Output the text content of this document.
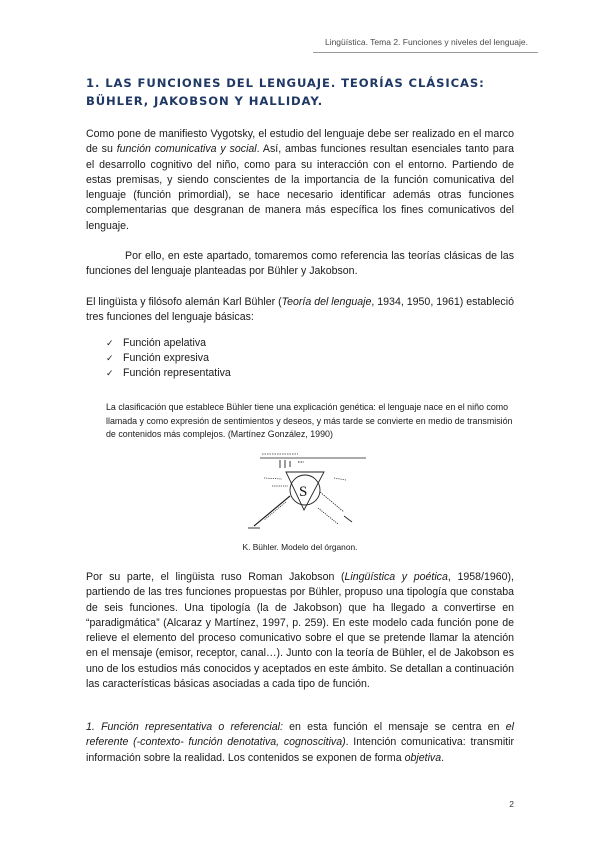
Lingüística. Tema 2. Funciones y niveles del lenguaje.
1. LAS FUNCIONES DEL LENGUAJE. TEORÍAS CLÁSICAS: BÜHLER, JAKOBSON Y HALLIDAY.

Como pone de manifiesto Vygotsky, el estudio del lenguaje debe ser realizado en el marco de su función comunicativa y social. Así, ambas funciones resultan esenciales tanto para el desarrollo cognitivo del niño, como para su interacción con el entorno. Partiendo de estas premisas, y siendo conscientes de la importancia de la función comunicativa del lenguaje (función primordial), se hace necesario identificar además otras funciones complementarias que desgranan de manera más específica los fines comunicativos del lenguaje.

Por ello, en este apartado, tomaremos como referencia las teorías clásicas de las funciones del lenguaje planteadas por Bühler y Jakobson.

El lingüista y filósofo alemán Karl Bühler (Teoría del lenguaje, 1934, 1950, 1961) estableció tres funciones del lenguaje básicas:

✓ Función apelativa
✓ Función expresiva
✓ Función representativa

La clasificación que establece Bühler tiene una explicación genética: el lenguaje nace en el niño como llamada y como expresión de sentimientos y deseos, y más tarde se convierte en medio de transmisión de contenidos más complejos. (Martínez González, 1990)

S
K. Bühler. Modelo del órganon.

Por su parte, el lingüista ruso Roman Jakobson (Lingüística y poética, 1958/1960), partiendo de las tres funciones propuestas por Bühler, propuso una tipología que constaba de seis funciones. Una tipología (la de Jakobson) que ha llegado a convertirse en “paradigmática” (Alcaraz y Martínez, 1997, p. 259). En este modelo cada función pone de relieve el elemento del proceso comunicativo sobre el que se pretende llamar la atención en el mensaje (emisor, receptor, canal…). Junto con la teoría de Bühler, el de Jakobson es uno de los estudios más conocidos y aceptados en este ámbito. Se detallan a continuación las características básicas asociadas a cada tipo de función.

1. Función representativa o referencial: en esta función el mensaje se centra en el referente (-contexto- función denotativa, cognoscitiva). Intención comunicativa: transmitir información sobre la realidad. Los contenidos se exponen de forma objetiva.

2
